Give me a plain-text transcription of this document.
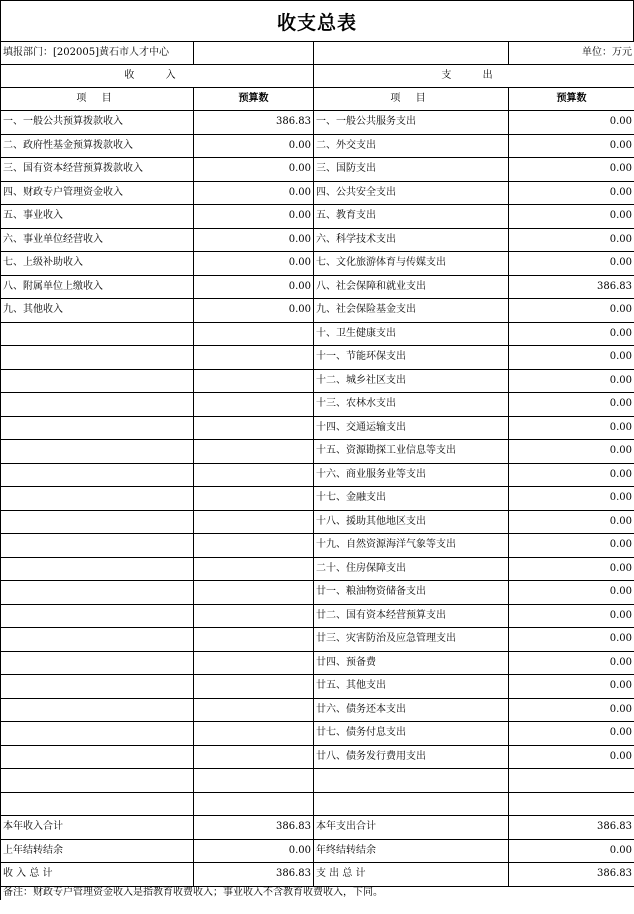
收支总表
填报部门：[202005]黄石市人才中心			单位：万元
收 入		支 出	
项 目	预算数	项 目	预算数
一、一般公共预算拨款收入	386.83	一、一般公共服务支出	0.00
二、政府性基金预算拨款收入	0.00	二、外交支出	0.00
三、国有资本经营预算拨款收入	0.00	三、国防支出	0.00
四、财政专户管理资金收入	0.00	四、公共安全支出	0.00
五、事业收入	0.00	五、教育支出	0.00
六、事业单位经营收入	0.00	六、科学技术支出	0.00
七、上级补助收入	0.00	七、文化旅游体育与传媒支出	0.00
八、附属单位上缴收入	0.00	八、社会保障和就业支出	386.83
九、其他收入	0.00	九、社会保险基金支出	0.00
		十、卫生健康支出	0.00
		十一、节能环保支出	0.00
		十二、城乡社区支出	0.00
		十三、农林水支出	0.00
		十四、交通运输支出	0.00
		十五、资源勘探工业信息等支出	0.00
		十六、商业服务业等支出	0.00
		十七、金融支出	0.00
		十八、援助其他地区支出	0.00
		十九、自然资源海洋气象等支出	0.00
		二十、住房保障支出	0.00
		廿一、粮油物资储备支出	0.00
		廿二、国有资本经营预算支出	0.00
		廿三、灾害防治及应急管理支出	0.00
		廿四、预备费	0.00
		廿五、其他支出	0.00
		廿六、债务还本支出	0.00
		廿七、债务付息支出	0.00
		廿八、债务发行费用支出	0.00

本年收入合计	386.83	本年支出合计	386.83
上年结转结余	0.00	年终结转结余	0.00
收 入 总 计	386.83	支 出 总 计	386.83
备注：财政专户管理资金收入是指教育收费收入；事业收入不含教育收费收入，下同。			
